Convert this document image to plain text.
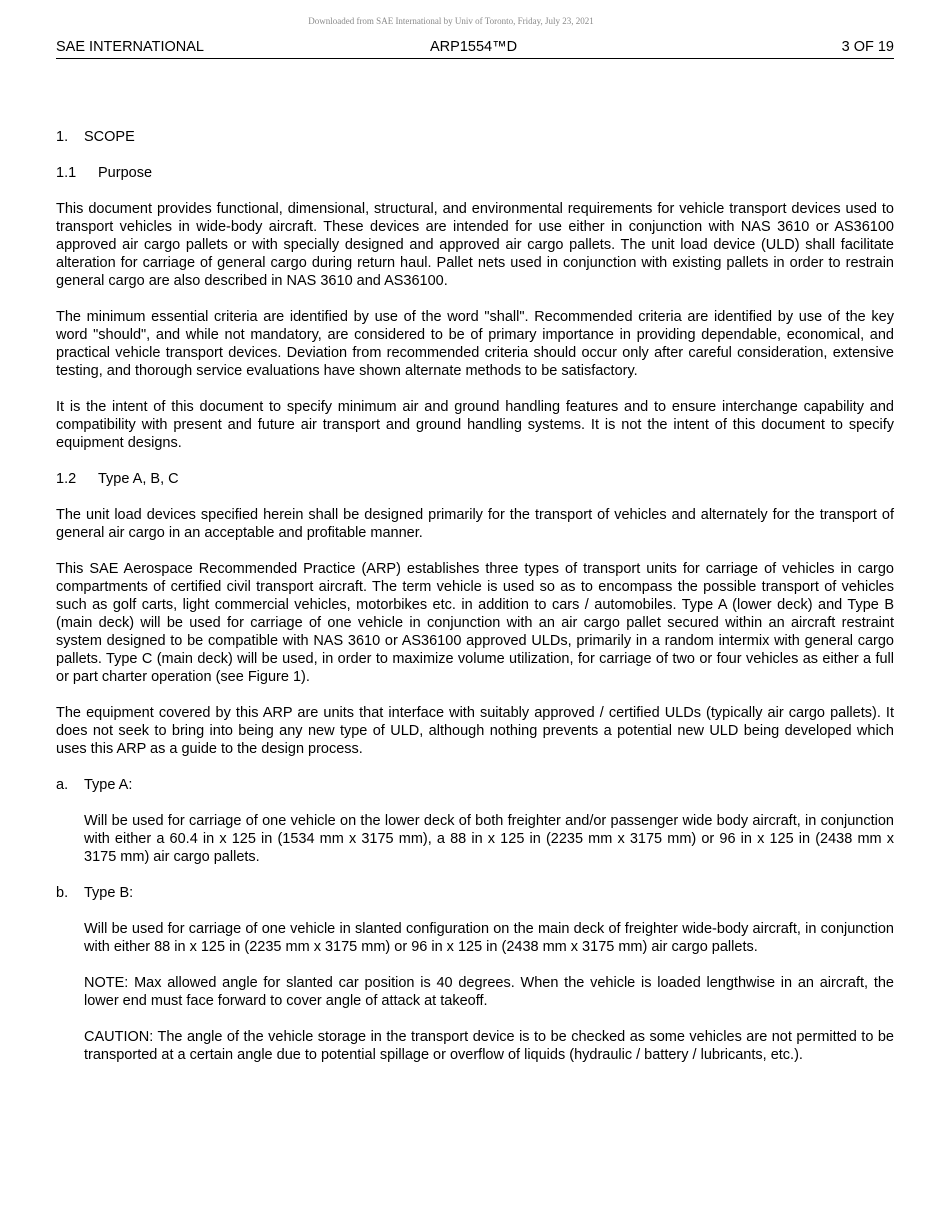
Downloaded from SAE International by Univ of Toronto, Friday, July 23, 2021
SAE INTERNATIONAL	ARP1554™D	3 OF 19
1. SCOPE
1.1 Purpose

This document provides functional, dimensional, structural, and environmental requirements for vehicle transport devices used to transport vehicles in wide-body aircraft. These devices are intended for use either in conjunction with NAS 3610 or AS36100 approved air cargo pallets or with specially designed and approved air cargo pallets. The unit load device (ULD) shall facilitate alteration for carriage of general cargo during return haul. Pallet nets used in conjunction with existing pallets in order to restrain general cargo are also described in NAS 3610 and AS36100.

The minimum essential criteria are identified by use of the word "shall". Recommended criteria are identified by use of the key word "should", and while not mandatory, are considered to be of primary importance in providing dependable, economical, and practical vehicle transport devices. Deviation from recommended criteria should occur only after careful consideration, extensive testing, and thorough service evaluations have shown alternate methods to be satisfactory.

It is the intent of this document to specify minimum air and ground handling features and to ensure interchange capability and compatibility with present and future air transport and ground handling systems. It is not the intent of this document to specify equipment designs.

1.2 Type A, B, C

The unit load devices specified herein shall be designed primarily for the transport of vehicles and alternately for the transport of general air cargo in an acceptable and profitable manner.

This SAE Aerospace Recommended Practice (ARP) establishes three types of transport units for carriage of vehicles in cargo compartments of certified civil transport aircraft. The term vehicle is used so as to encompass the possible transport of vehicles such as golf carts, light commercial vehicles, motorbikes etc. in addition to cars / automobiles. Type A (lower deck) and Type B (main deck) will be used for carriage of one vehicle in conjunction with an air cargo pallet secured within an aircraft restraint system designed to be compatible with NAS 3610 or AS36100 approved ULDs, primarily in a random intermix with general cargo pallets. Type C (main deck) will be used, in order to maximize volume utilization, for carriage of two or four vehicles as either a full or part charter operation (see Figure 1).

The equipment covered by this ARP are units that interface with suitably approved / certified ULDs (typically air cargo pallets). It does not seek to bring into being any new type of ULD, although nothing prevents a potential new ULD being developed which uses this ARP as a guide to the design process.

a. Type A:

Will be used for carriage of one vehicle on the lower deck of both freighter and/or passenger wide body aircraft, in conjunction with either a 60.4 in x 125 in (1534 mm x 3175 mm), a 88 in x 125 in (2235 mm x 3175 mm) or 96 in x 125 in (2438 mm x 3175 mm) air cargo pallets.

b. Type B:

Will be used for carriage of one vehicle in slanted configuration on the main deck of freighter wide-body aircraft, in conjunction with either 88 in x 125 in (2235 mm x 3175 mm) or 96 in x 125 in (2438 mm x 3175 mm) air cargo pallets.

NOTE: Max allowed angle for slanted car position is 40 degrees. When the vehicle is loaded lengthwise in an aircraft, the lower end must face forward to cover angle of attack at takeoff.

CAUTION: The angle of the vehicle storage in the transport device is to be checked as some vehicles are not permitted to be transported at a certain angle due to potential spillage or overflow of liquids (hydraulic / battery / lubricants, etc.).
